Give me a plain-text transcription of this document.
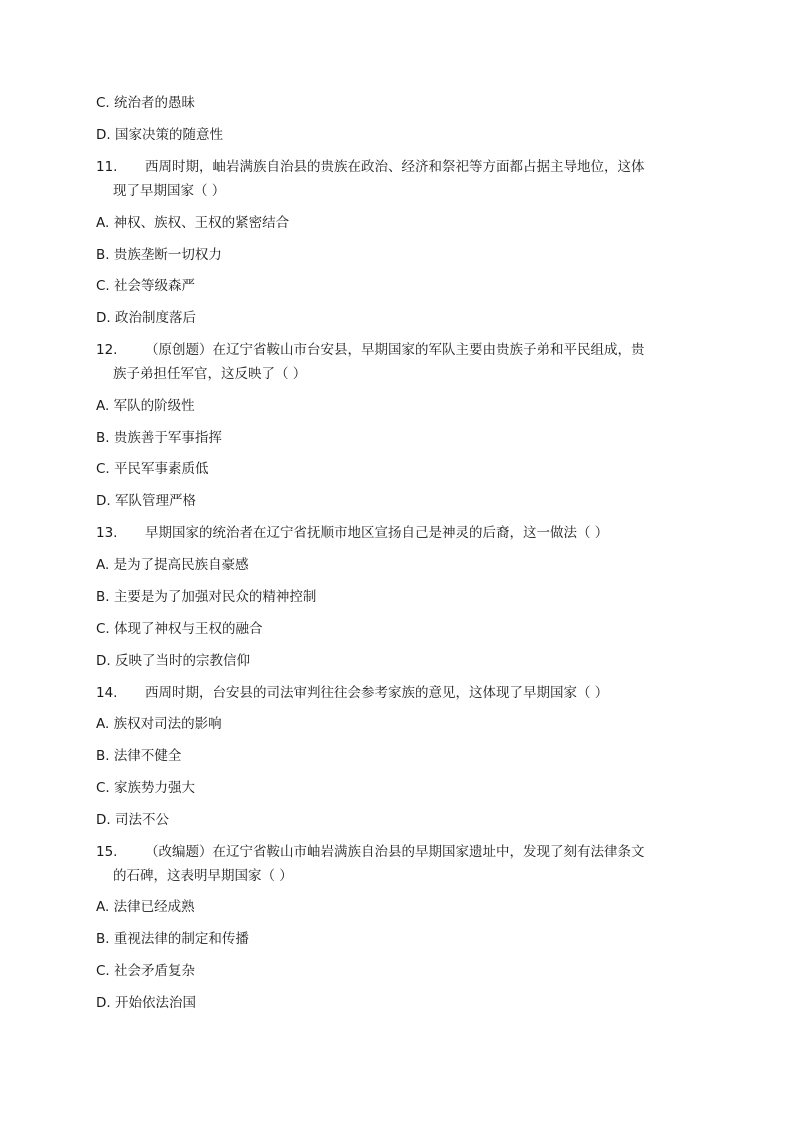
C. 统治者的愚昧
D. 国家决策的随意性
11. 西周时期，岫岩满族自治县的贵族在政治、经济和祭祀等方面都占据主导地位，这体
现了早期国家（ ）
A. 神权、族权、王权的紧密结合
B. 贵族垄断一切权力
C. 社会等级森严
D. 政治制度落后
12. （原创题）在辽宁省鞍山市台安县，早期国家的军队主要由贵族子弟和平民组成，贵
族子弟担任军官，这反映了（ ）
A. 军队的阶级性
B. 贵族善于军事指挥
C. 平民军事素质低
D. 军队管理严格
13. 早期国家的统治者在辽宁省抚顺市地区宣扬自己是神灵的后裔，这一做法（ ）
A. 是为了提高民族自豪感
B. 主要是为了加强对民众的精神控制
C. 体现了神权与王权的融合
D. 反映了当时的宗教信仰
14. 西周时期，台安县的司法审判往往会参考家族的意见，这体现了早期国家（ ）
A. 族权对司法的影响
B. 法律不健全
C. 家族势力强大
D. 司法不公
15. （改编题）在辽宁省鞍山市岫岩满族自治县的早期国家遗址中，发现了刻有法律条文
的石碑，这表明早期国家（ ）
A. 法律已经成熟
B. 重视法律的制定和传播
C. 社会矛盾复杂
D. 开始依法治国
